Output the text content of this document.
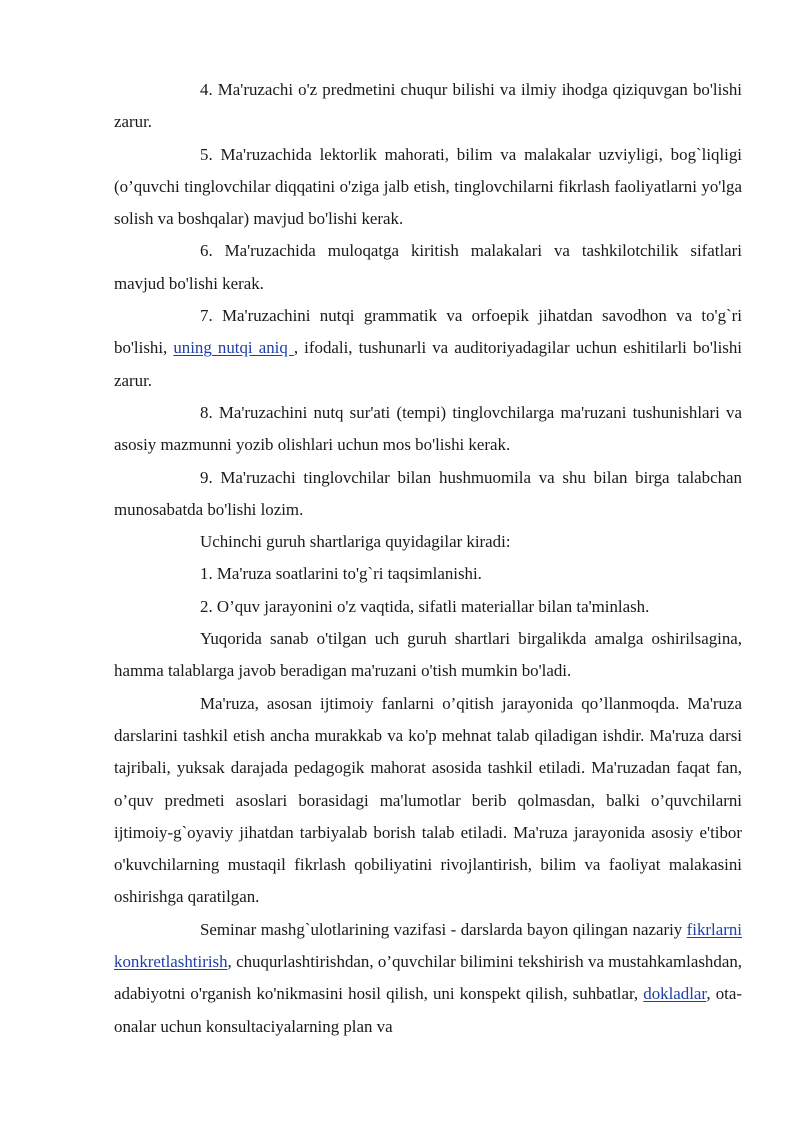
4. Ma'ruzachi o'z predmetini chuqur bilishi va ilmiy ihodga qiziquvgan bo'lishi zarur.

5. Ma'ruzachida lektorlik mahorati, bilim va malakalar uzviyligi, bog`liqligi (o’quvchi tinglovchilar diqqatini o'ziga jalb etish, tinglovchilarni fikrlash faoliyatlarni yo'lga solish va boshqalar) mavjud bo'lishi kerak.

6. Ma'ruzachida muloqatga kiritish malakalari va tashkilotchilik sifatlari mavjud bo'lishi kerak.

7. Ma'ruzachini nutqi grammatik va orfoepik jihatdan savodhon va to'g`ri bo'lishi, uning nutqi aniq , ifodali, tushunarli va auditoriyadagilar uchun eshitilarli bo'lishi zarur.

8. Ma'ruzachini nutq sur'ati (tempi) tinglovchilarga ma'ruzani tushunishlari va asosiy mazmunni yozib olishlari uchun mos bo'lishi kerak.

9. Ma'ruzachi tinglovchilar bilan hushmuomila va shu bilan birga talabchan munosabatda bo'lishi lozim.

Uchinchi guruh shartlariga quyidagilar kiradi:

1. Ma'ruza soatlarini to'g`ri taqsimlanishi.

2. O’quv jarayonini o'z vaqtida, sifatli materiallar bilan ta'minlash.

Yuqorida sanab o'tilgan uch guruh shartlari birgalikda amalga oshirilsagina, hamma talablarga javob beradigan ma'ruzani o'tish mumkin bo'ladi.

Ma'ruza, asosan ijtimoiy fanlarni o’qitish jarayonida qo’llanmoqda. Ma'ruza darslarini tashkil etish ancha murakkab va ko'p mehnat talab qiladigan ishdir. Ma'ruza darsi tajribali, yuksak darajada pedagogik mahorat asosida tashkil etiladi. Ma'ruzadan faqat fan, o’quv predmeti asoslari borasidagi ma'lumotlar berib qolmasdan, balki o’quvchilarni ijtimoiy-g`oyaviy jihatdan tarbiyalab borish talab etiladi. Ma'ruza jarayonida asosiy e'tibor o'kuvchilarning mustaqil fikrlash qobiliyatini rivojlantirish, bilim va faoliyat malakasini oshirishga qaratilgan.

Seminar mashg`ulotlarining vazifasi - darslarda bayon qilingan nazariy fikrlarni konkretlashtirish, chuqurlashtirishdan, o’quvchilar bilimini tekshirish va mustahkamlashdan, adabiyotni o'rganish ko'nikmasini hosil qilish, uni konspekt qilish, suhbatlar, dokladlar, ota-onalar uchun konsultaciyalarning plan va
